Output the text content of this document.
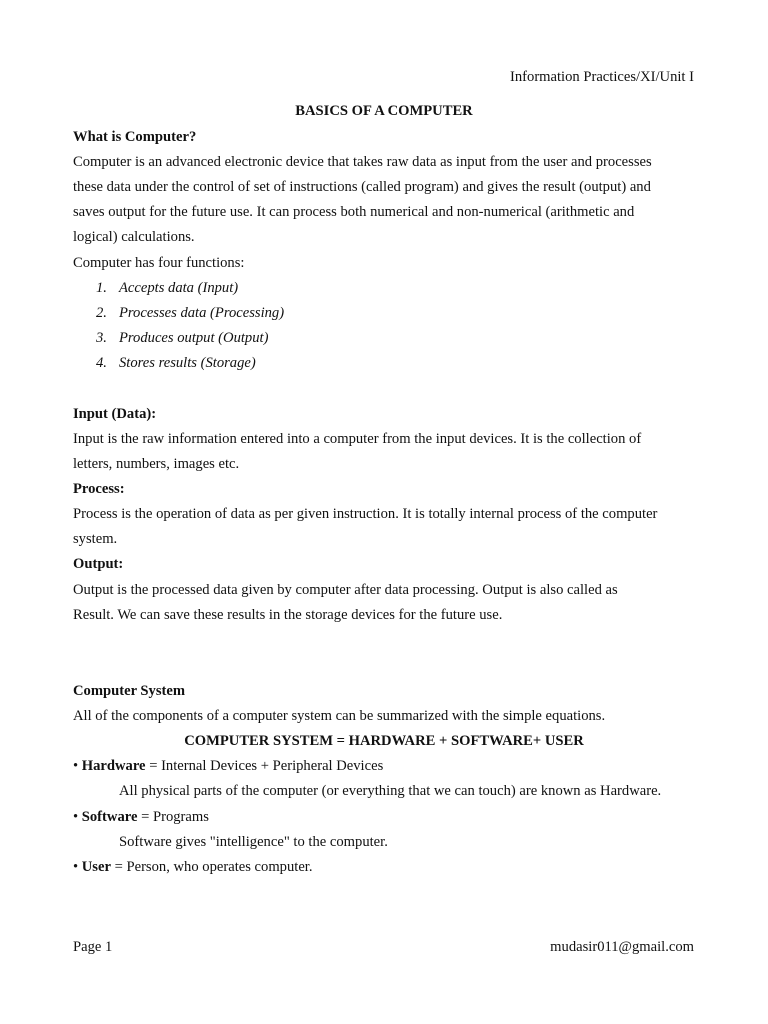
Information Practices/XI/Unit I
BASICS OF A COMPUTER
What is Computer?
Computer is an advanced electronic device that takes raw data as input from the user and processes
these data under the control of set of instructions (called program) and gives the result (output) and
saves output for the future use. It can process both numerical and non-numerical (arithmetic and
logical) calculations.
Computer has four functions:
1. Accepts data (Input)
2. Processes data (Processing)
3. Produces output (Output)
4. Stores results (Storage)
Input (Data):
Input is the raw information entered into a computer from the input devices. It is the collection of
letters, numbers, images etc.
Process:
Process is the operation of data as per given instruction. It is totally internal process of the computer
system.
Output:
Output is the processed data given by computer after data processing. Output is also called as
Result. We can save these results in the storage devices for the future use.
Computer System
All of the components of a computer system can be summarized with the simple equations.
COMPUTER SYSTEM = HARDWARE + SOFTWARE+ USER
• Hardware = Internal Devices + Peripheral Devices
All physical parts of the computer (or everything that we can touch) are known as Hardware.
• Software = Programs
Software gives "intelligence" to the computer.
• User = Person, who operates computer.
Page 1	mudasir011@gmail.com
